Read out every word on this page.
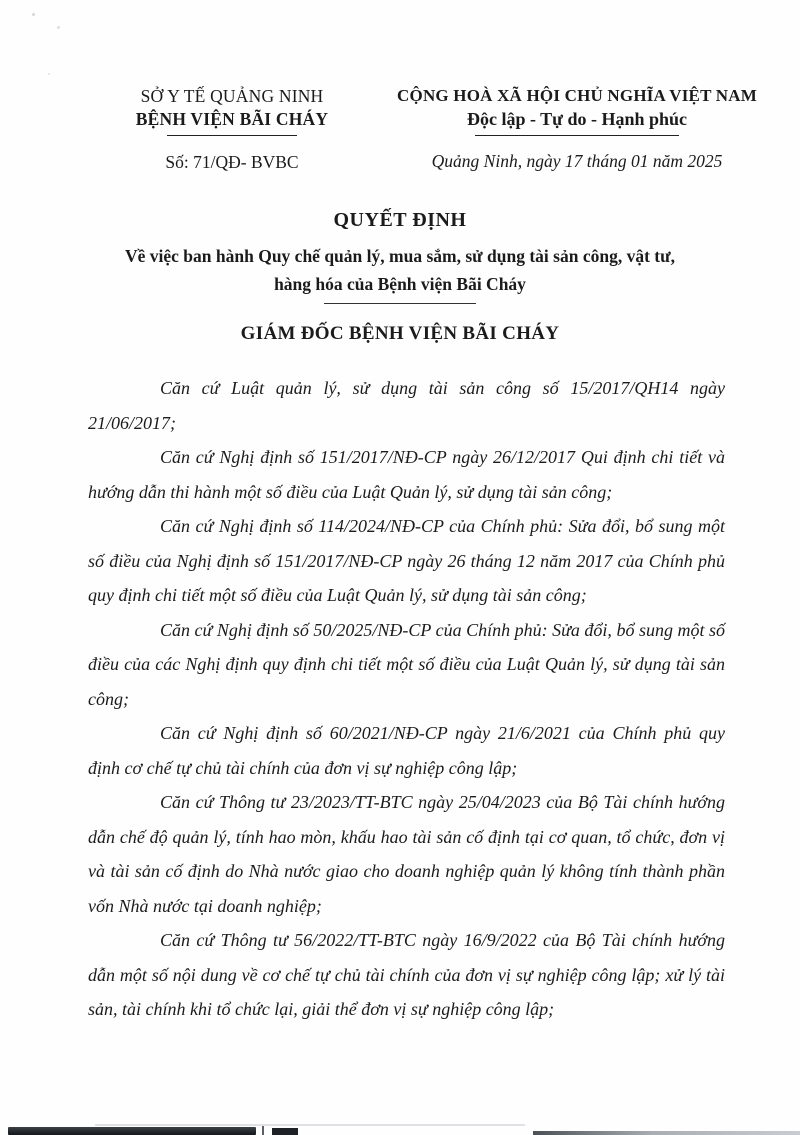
SỞ Y TẾ QUẢNG NINH
BỆNH VIỆN BÃI CHÁY
Số: 71/QĐ- BVBC
CỘNG HOÀ XÃ HỘI CHỦ NGHĨA VIỆT NAM
Độc lập - Tự do - Hạnh phúc
Quảng Ninh, ngày 17 tháng 01 năm 2025
QUYẾT ĐỊNH
Về việc ban hành Quy chế quản lý, mua sắm, sử dụng tài sản công, vật tư,
hàng hóa của Bệnh viện Bãi Cháy
GIÁM ĐỐC BỆNH VIỆN BÃI CHÁY

Căn cứ Luật quản lý, sử dụng tài sản công số 15/2017/QH14 ngày 21/06/2017;

Căn cứ Nghị định số 151/2017/NĐ-CP ngày 26/12/2017 Qui định chi tiết và hướng dẫn thi hành một số điều của Luật Quản lý, sử dụng tài sản công;

Căn cứ Nghị định số 114/2024/NĐ-CP của Chính phủ: Sửa đổi, bổ sung một số điều của Nghị định số 151/2017/NĐ-CP ngày 26 tháng 12 năm 2017 của Chính phủ quy định chi tiết một số điều của Luật Quản lý, sử dụng tài sản công;

Căn cứ Nghị định số 50/2025/NĐ-CP của Chính phủ: Sửa đổi, bổ sung một số điều của các Nghị định quy định chi tiết một số điều của Luật Quản lý, sử dụng tài sản công;

Căn cứ Nghị định số 60/2021/NĐ-CP ngày 21/6/2021 của Chính phủ quy định cơ chế tự chủ tài chính của đơn vị sự nghiệp công lập;

Căn cứ Thông tư 23/2023/TT-BTC ngày 25/04/2023 của Bộ Tài chính hướng dẫn chế độ quản lý, tính hao mòn, khấu hao tài sản cố định tại cơ quan, tổ chức, đơn vị và tài sản cố định do Nhà nước giao cho doanh nghiệp quản lý không tính thành phần vốn Nhà nước tại doanh nghiệp;

Căn cứ Thông tư 56/2022/TT-BTC ngày 16/9/2022 của Bộ Tài chính hướng dẫn một số nội dung về cơ chế tự chủ tài chính của đơn vị sự nghiệp công lập; xử lý tài sản, tài chính khi tổ chức lại, giải thể đơn vị sự nghiệp công lập;
